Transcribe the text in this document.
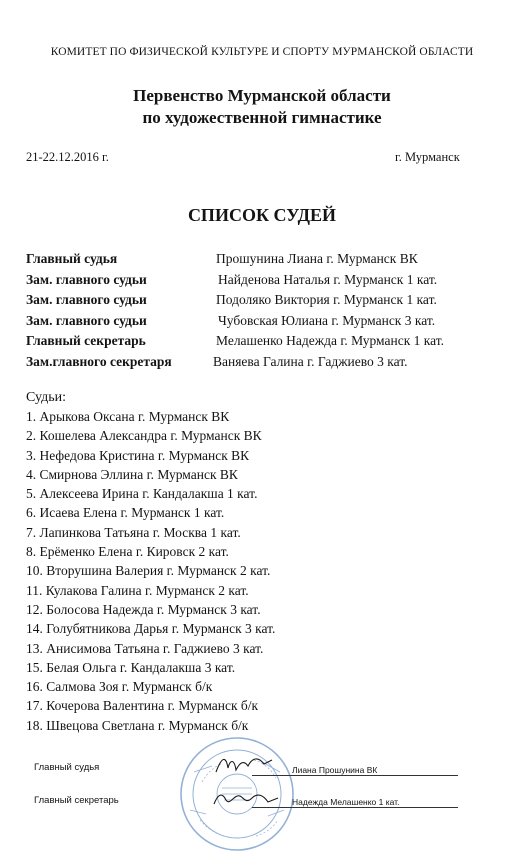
КОМИТЕТ ПО ФИЗИЧЕСКОЙ КУЛЬТУРЕ И СПОРТУ МУРМАНСКОЙ ОБЛАСТИ
Первенство Мурманской области
по художественной гимнастике
21-22.12.2016 г.	г. Мурманск
СПИСОК СУДЕЙ
Главный судья	Прошунина Лиана г. Мурманск ВК
Зам. главного судьи	Найденова Наталья г. Мурманск 1 кат.
Зам. главного судьи	Подоляко Виктория г. Мурманск 1 кат.
Зам. главного судьи	Чубовская Юлиана г. Мурманск 3 кат.
Главный секретарь	Мелашенко Надежда г. Мурманск 1 кат.
Зам.главного секретаря	Ваняева Галина г. Гаджиево 3 кат.
Судьи:
1. Арыкова Оксана г. Мурманск ВК
2. Кошелева Александра г. Мурманск ВК
3. Нефедова Кристина г. Мурманск ВК
4. Смирнова Эллина г. Мурманск ВК
5. Алексеева Ирина г. Кандалакша 1 кат.
6. Исаева Елена г. Мурманск 1 кат.
7. Лапинкова Татьяна г. Москва 1 кат.
8. Ерёменко Елена г. Кировск 2 кат.
10. Вторушина Валерия г. Мурманск 2 кат.
11. Кулакова Галина г. Мурманск 2 кат.
12. Болосова Надежда г. Мурманск 3 кат.
14. Голубятникова Дарья г. Мурманск 3 кат.
13. Анисимова Татьяна г. Гаджиево 3 кат.
15. Белая Ольга г. Кандалакша 3 кат.
16. Салмова Зоя г. Мурманск б/к
17. Кочерова Валентина г. Мурманск б/к
18. Швецова Светлана г. Мурманск б/к
Главный судья	Лиана Прошунина ВК
Главный секретарь	Надежда Мелашенко 1 кат.
